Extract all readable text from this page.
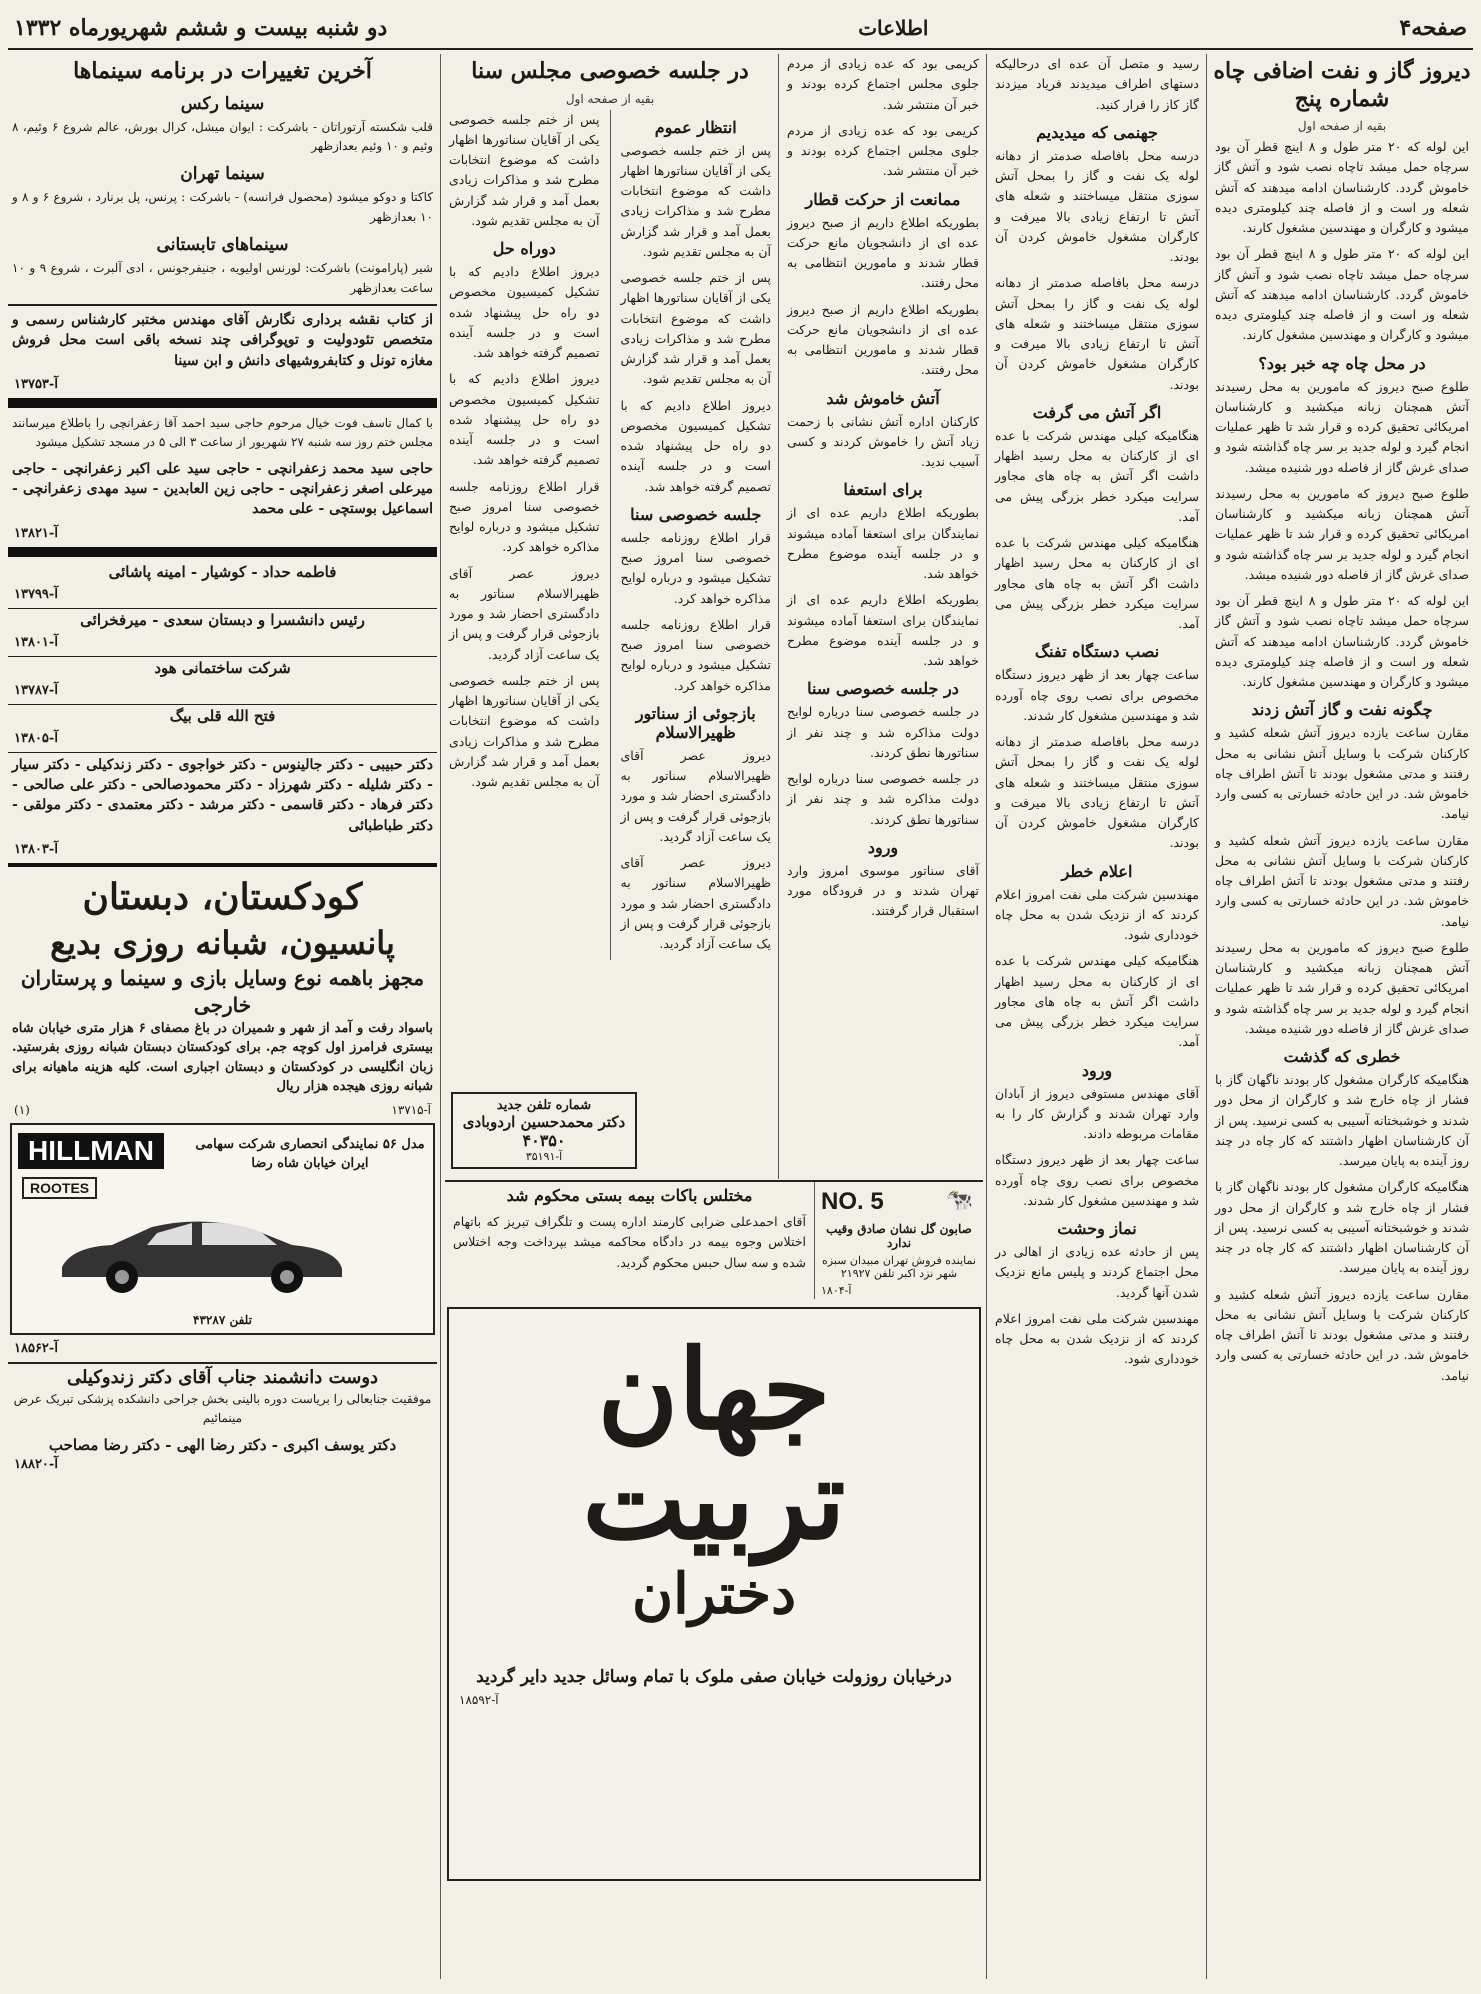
صفحه۴
اطلاعات
دو شنبه بیست و ششم شهریورماه ۱۳۳۲
دیروز گاز و نفت اضافی چاه شماره پنج
بقیه از صفحه اول

این لوله که ۲۰ متر طول و ۸ اینچ قطر آن بود سرچاه حمل میشد تاچاه نصب شود و آتش گاز خاموش گردد. کارشناسان ادامه میدهند که آتش شعله ور است و از فاصله چند کیلومتری دیده میشود و کارگران و مهندسین مشغول کارند.

این لوله که ۲۰ متر طول و ۸ اینچ قطر آن بود سرچاه حمل میشد تاچاه نصب شود و آتش گاز خاموش گردد. کارشناسان ادامه میدهند که آتش شعله ور است و از فاصله چند کیلومتری دیده میشود و کارگران و مهندسین مشغول کارند.

در محل چاه چه خبر بود؟

طلوع صبح دیروز که مامورین به محل رسیدند آتش همچنان زبانه میکشید و کارشناسان امریکائی تحقیق کرده و قرار شد تا ظهر عملیات انجام گیرد و لوله جدید بر سر چاه گذاشته شود و صدای غرش گاز از فاصله دور شنیده میشد.

طلوع صبح دیروز که مامورین به محل رسیدند آتش همچنان زبانه میکشید و کارشناسان امریکائی تحقیق کرده و قرار شد تا ظهر عملیات انجام گیرد و لوله جدید بر سر چاه گذاشته شود و صدای غرش گاز از فاصله دور شنیده میشد.

این لوله که ۲۰ متر طول و ۸ اینچ قطر آن بود سرچاه حمل میشد تاچاه نصب شود و آتش گاز خاموش گردد. کارشناسان ادامه میدهند که آتش شعله ور است و از فاصله چند کیلومتری دیده میشود و کارگران و مهندسین مشغول کارند.

چگونه نفت و گاز آتش زدند

مقارن ساعت یازده دیروز آتش شعله کشید و کارکنان شرکت با وسایل آتش نشانی به محل رفتند و مدتی مشغول بودند تا آتش اطراف چاه خاموش شد. در این حادثه خسارتی به کسی وارد نیامد.

مقارن ساعت یازده دیروز آتش شعله کشید و کارکنان شرکت با وسایل آتش نشانی به محل رفتند و مدتی مشغول بودند تا آتش اطراف چاه خاموش شد. در این حادثه خسارتی به کسی وارد نیامد.

طلوع صبح دیروز که مامورین به محل رسیدند آتش همچنان زبانه میکشید و کارشناسان امریکائی تحقیق کرده و قرار شد تا ظهر عملیات انجام گیرد و لوله جدید بر سر چاه گذاشته شود و صدای غرش گاز از فاصله دور شنیده میشد.

خطری که گذشت

هنگامیکه کارگران مشغول کار بودند ناگهان گاز با فشار از چاه خارج شد و کارگران از محل دور شدند و خوشبختانه آسیبی به کسی نرسید. پس از آن کارشناسان اظهار داشتند که کار چاه در چند روز آینده به پایان میرسد.

هنگامیکه کارگران مشغول کار بودند ناگهان گاز با فشار از چاه خارج شد و کارگران از محل دور شدند و خوشبختانه آسیبی به کسی نرسید. پس از آن کارشناسان اظهار داشتند که کار چاه در چند روز آینده به پایان میرسد.

مقارن ساعت یازده دیروز آتش شعله کشید و کارکنان شرکت با وسایل آتش نشانی به محل رفتند و مدتی مشغول بودند تا آتش اطراف چاه خاموش شد. در این حادثه خسارتی به کسی وارد نیامد.

رسید و متصل آن عده ای درحالیکه دستهای اطراف میدیدند فریاد میزدند گاز کاز را فرار کنید.

جهنمی که میدیدیم

درسه محل بافاصله صدمتر از دهانه لوله یک نفت و گاز را بمحل آتش سوزی منتقل میساختند و شعله های آتش تا ارتفاع زیادی بالا میرفت و کارگران مشغول خاموش کردن آن بودند.

درسه محل بافاصله صدمتر از دهانه لوله یک نفت و گاز را بمحل آتش سوزی منتقل میساختند و شعله های آتش تا ارتفاع زیادی بالا میرفت و کارگران مشغول خاموش کردن آن بودند.

اگر آتش می گرفت

هنگامیکه کیلی مهندس شرکت با عده ای از کارکنان به محل رسید اظهار داشت اگر آتش به چاه های مجاور سرایت میکرد خطر بزرگی پیش می آمد.

هنگامیکه کیلی مهندس شرکت با عده ای از کارکنان به محل رسید اظهار داشت اگر آتش به چاه های مجاور سرایت میکرد خطر بزرگی پیش می آمد.

نصب دستگاه تفنگ

ساعت چهار بعد از ظهر دیروز دستگاه مخصوص برای نصب روی چاه آورده شد و مهندسین مشغول کار شدند.

درسه محل بافاصله صدمتر از دهانه لوله یک نفت و گاز را بمحل آتش سوزی منتقل میساختند و شعله های آتش تا ارتفاع زیادی بالا میرفت و کارگران مشغول خاموش کردن آن بودند.

اعلام خطر

مهندسین شرکت ملی نفت امروز اعلام کردند که از نزدیک شدن به محل چاه خودداری شود.

هنگامیکه کیلی مهندس شرکت با عده ای از کارکنان به محل رسید اظهار داشت اگر آتش به چاه های مجاور سرایت میکرد خطر بزرگی پیش می آمد.

ورود

آقای مهندس مستوفی دیروز از آبادان وارد تهران شدند و گزارش کار را به مقامات مربوطه دادند.

ساعت چهار بعد از ظهر دیروز دستگاه مخصوص برای نصب روی چاه آورده شد و مهندسین مشغول کار شدند.

نماز وحشت

پس از حادثه عده زیادی از اهالی در محل اجتماع کردند و پلیس مانع نزدیک شدن آنها گردید.

مهندسین شرکت ملی نفت امروز اعلام کردند که از نزدیک شدن به محل چاه خودداری شود.

کریمی بود که عده زیادی از مردم جلوی مجلس اجتماع کرده بودند و خبر آن منتشر شد.

کریمی بود که عده زیادی از مردم جلوی مجلس اجتماع کرده بودند و خبر آن منتشر شد.

ممانعت از حرکت قطار

بطوریکه اطلاع داریم از صبح دیروز عده ای از دانشجویان مانع حرکت قطار شدند و مامورین انتظامی به محل رفتند.

بطوریکه اطلاع داریم از صبح دیروز عده ای از دانشجویان مانع حرکت قطار شدند و مامورین انتظامی به محل رفتند.

آتش خاموش شد

کارکنان اداره آتش نشانی با زحمت زیاد آتش را خاموش کردند و کسی آسیب ندید.

برای استعفا

بطوریکه اطلاع داریم عده ای از نمایندگان برای استعفا آماده میشوند و در جلسه آینده موضوع مطرح خواهد شد.

بطوریکه اطلاع داریم عده ای از نمایندگان برای استعفا آماده میشوند و در جلسه آینده موضوع مطرح خواهد شد.

در جلسه خصوصی سنا

در جلسه خصوصی سنا درباره لوایح دولت مذاکره شد و چند نفر از سناتورها نطق کردند.

در جلسه خصوصی سنا درباره لوایح دولت مذاکره شد و چند نفر از سناتورها نطق کردند.

ورود

آقای سناتور موسوی امروز وارد تهران شدند و در فرودگاه مورد استقبال قرار گرفتند.

در جلسه خصوصی مجلس سنا
بقیه از صفحه اول
انتظار عموم

پس از ختم جلسه خصوصی یکی از آقایان سناتورها اظهار داشت که موضوع انتخابات مطرح شد و مذاکرات زیادی بعمل آمد و قرار شد گزارش آن به مجلس تقدیم شود.

پس از ختم جلسه خصوصی یکی از آقایان سناتورها اظهار داشت که موضوع انتخابات مطرح شد و مذاکرات زیادی بعمل آمد و قرار شد گزارش آن به مجلس تقدیم شود.

دیروز اطلاع دادیم که با تشکیل کمیسیون مخصوص دو راه حل پیشنهاد شده است و در جلسه آینده تصمیم گرفته خواهد شد.

جلسه خصوصی سنا

قرار اطلاع روزنامه جلسه خصوصی سنا امروز صبح تشکیل میشود و درباره لوایح مذاکره خواهد کرد.

قرار اطلاع روزنامه جلسه خصوصی سنا امروز صبح تشکیل میشود و درباره لوایح مذاکره خواهد کرد.

بازجوئی از سناتور ظهیرالاسلام

دیروز عصر آقای ظهیرالاسلام سناتور به دادگستری احضار شد و مورد بازجوئی قرار گرفت و پس از یک ساعت آزاد گردید.

دیروز عصر آقای ظهیرالاسلام سناتور به دادگستری احضار شد و مورد بازجوئی قرار گرفت و پس از یک ساعت آزاد گردید.

پس از ختم جلسه خصوصی یکی از آقایان سناتورها اظهار داشت که موضوع انتخابات مطرح شد و مذاکرات زیادی بعمل آمد و قرار شد گزارش آن به مجلس تقدیم شود.

دوراه حل

دیروز اطلاع دادیم که با تشکیل کمیسیون مخصوص دو راه حل پیشنهاد شده است و در جلسه آینده تصمیم گرفته خواهد شد.

دیروز اطلاع دادیم که با تشکیل کمیسیون مخصوص دو راه حل پیشنهاد شده است و در جلسه آینده تصمیم گرفته خواهد شد.

قرار اطلاع روزنامه جلسه خصوصی سنا امروز صبح تشکیل میشود و درباره لوایح مذاکره خواهد کرد.

دیروز عصر آقای ظهیرالاسلام سناتور به دادگستری احضار شد و مورد بازجوئی قرار گرفت و پس از یک ساعت آزاد گردید.

پس از ختم جلسه خصوصی یکی از آقایان سناتورها اظهار داشت که موضوع انتخابات مطرح شد و مذاکرات زیادی بعمل آمد و قرار شد گزارش آن به مجلس تقدیم شود.

شماره تلفن جدید
دکتر محمدحسین اردوبادی
۴۰۳۵۰
آ-۳۵۱۹۱
NO. 5	🐄
صابون گل نشان صادق وقیب ندارد
نماینده فروش تهران مبیدان سبزه شهر نزد اکبر تلفن ۲۱۹۲۷
آ-۱۸۰۴
مختلس باکات بیمه بستی محکوم شد

آقای احمدعلی ضرابی کارمند اداره پست و تلگراف تبریز که باتهام اختلاس وجوه بیمه در دادگاه محاکمه میشد بپرداخت وجه اختلاس شده و سه سال حبس محکوم گردید.

جهان تربیت
دختران
درخیابان روزولت خیابان صفی ملوک با تمام وسائل جدید دایر گردید
آ-۱۸۵۹۲
آخرین تغییرات در برنامه سینماها
سینما رکس

قلب شکسته آرتوراتان - باشرکت : ایوان میشل، کرال بورش، عالم شروع ۶ وئیم، ۸ وئیم و ۱۰ وئیم بعدازظهر

سینما تهران

کاکتا و دوکو میشود (محصول فرانسه) - باشرکت : پرنس، پل برنارد ، شروع ۶ و ۸ و ۱۰ بعدازظهر

سینماهای تابستانی

شیر (پارامونت) باشرکت: لورنس اولیویه ، جنیفرجونس ، ادی آلبرت ، شروع ۹ و ۱۰ ساعت بعدازظهر

از کتاب نقشه برداری نگارش آقای مهندس مختبر کارشناس رسمی و متخصص تئودولیت و توپوگرافی چند نسخه باقی است محل فروش مغازه تونل و کتابفروشیهای دانش و ابن سینا

آ-۱۳۷۵۳

با کمال تاسف فوت خیال مرحوم حاجی سید احمد آقا زعفرانچی را باطلاع میرسانند مجلس ختم روز سه شنبه ۲۷ شهریور از ساعت ۳ الی ۵ در مسجد تشکیل میشود

حاجی سید محمد زعفرانچی - حاجی سید علی اکبر زعفرانچی - حاجی میرعلی اصغر زعفرانچی - حاجی زین العابدین - سید مهدی زعفرانچی - اسماعیل بوستچی - علی محمد

آ-۱۳۸۲۱
فاطمه حداد - کوشیار - امینه پاشائی
آ-۱۳۷۹۹
رئیس دانشسرا و دبستان سعدی - میرفخرائی
آ-۱۳۸۰۱
شرکت ساختمانی هود
آ-۱۳۷۸۷
فتح الله قلی بیگ
آ-۱۳۸۰۵

دکتر حبیبی - دکتر جالینوس - دکتر خواجوی - دکتر زندکیلی - دکتر سیار - دکتر شلیله - دکتر شهرزاد - دکتر محمودصالحی - دکتر علی صالحی - دکتر فرهاد - دکتر قاسمی - دکتر مرشد - دکتر معتمدی - دکتر مولقی - دکتر طباطبائی

آ-۱۳۸۰۳
کودکستان، دبستان
پانسیون، شبانه روزی بدیع
مجهز باهمه نوع وسایل بازی و سینما و پرستاران خارجی

باسواد رفت و آمد از شهر و شمیران در باغ مصفای ۶ هزار متری خیابان شاه بیستری فرامرز اول کوچه جم. برای کودکستان دبستان شبانه روزی بفرستید. زبان انگلیسی در کودکستان و دبستان اجباری است. کلیه هزینه ماهیانه برای شبانه روزی هیجده هزار ریال

آ-۱۳۷۱۵
(۱)
HILLMAN
ROOTES
مدل ۵۶ نمایندگی انحصاری شرکت سهامی ایران خیابان شاه رضا
تلفن ۴۳۲۸۷
آ-۱۸۵۶۲
دوست دانشمند جناب آقای دکتر زندوکیلی

موفقیت جنابعالی را بریاست دوره بالینی بخش جراحی دانشکده پزشکی تبریک عرض مینمائیم

دکتر یوسف اکبری - دکتر رضا الهی - دکتر رضا مصاحب
آ-۱۸۸۲۰
